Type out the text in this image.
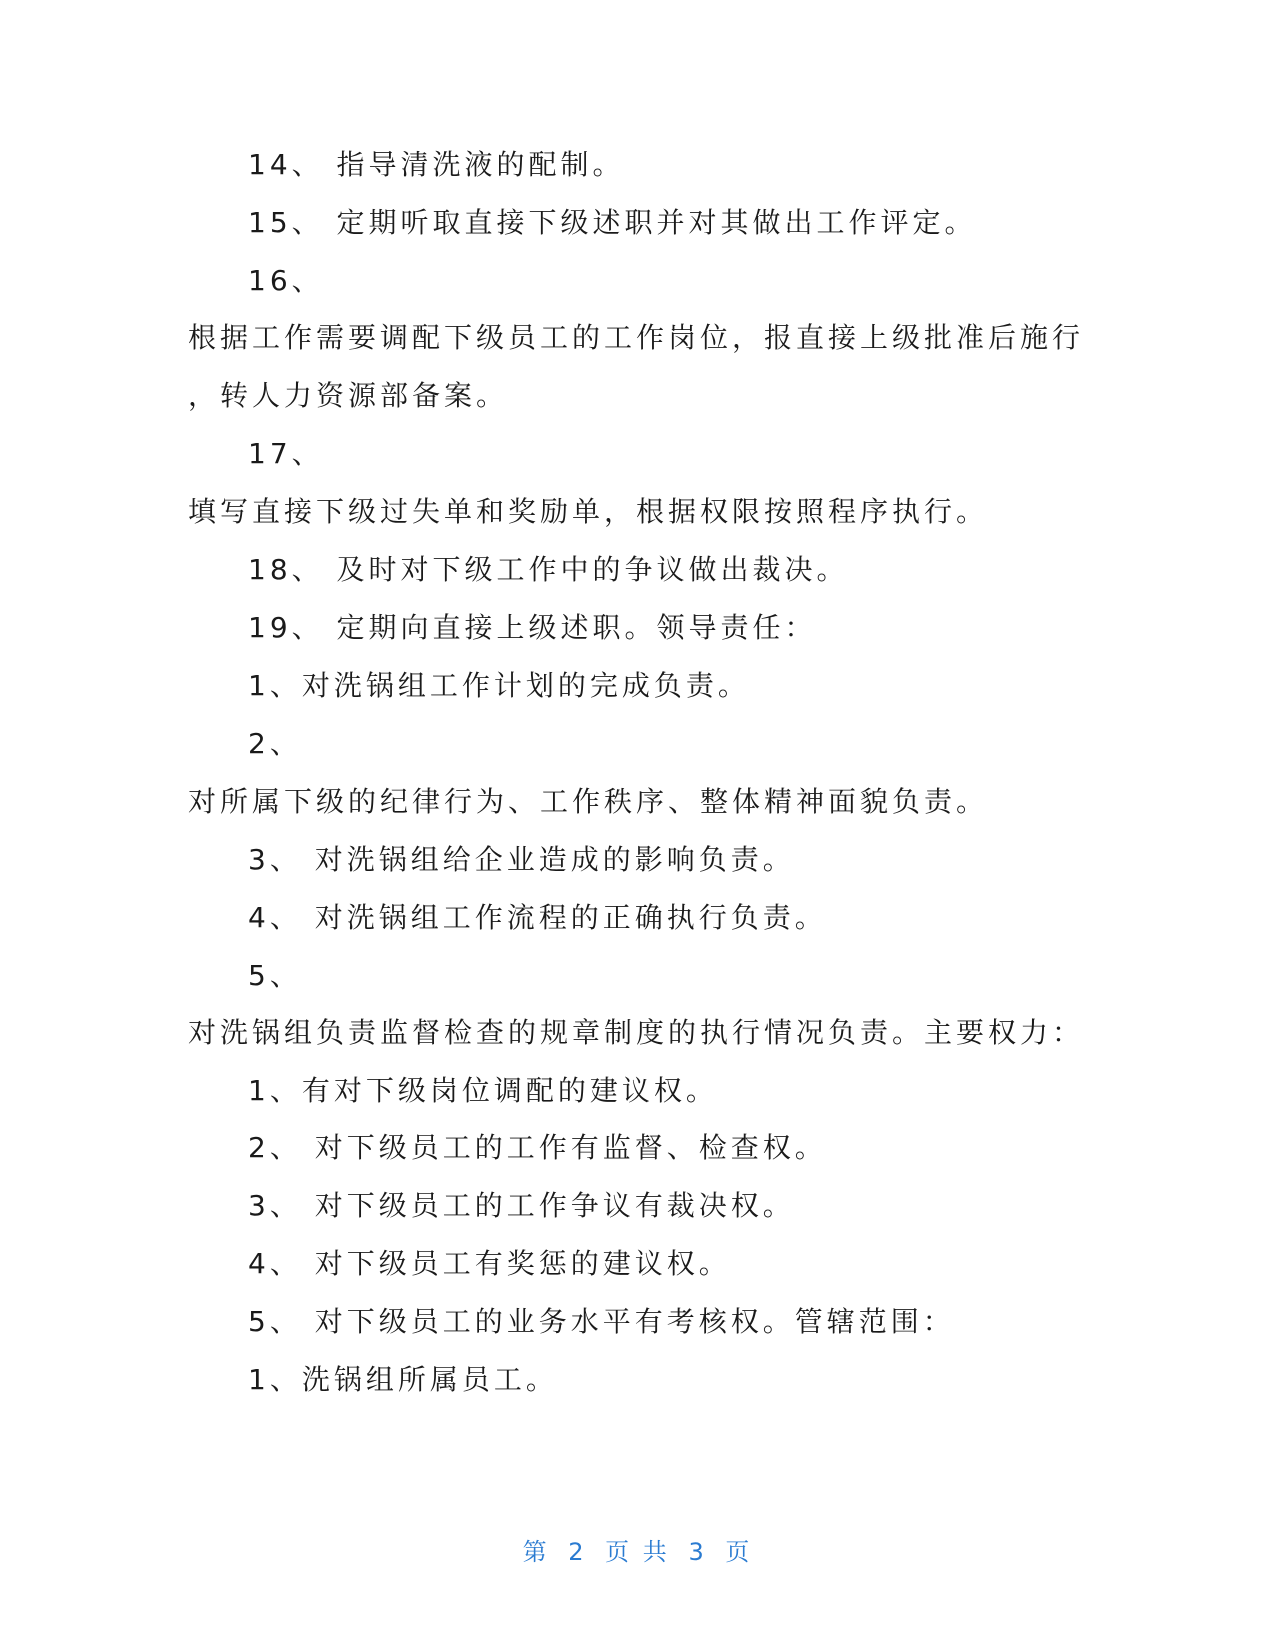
14、 指导清洗液的配制。
15、 定期听取直接下级述职并对其做出工作评定。
16、
根据工作需要调配下级员工的工作岗位，报直接上级批准后施行
，转人力资源部备案。
17、
填写直接下级过失单和奖励单，根据权限按照程序执行。
18、 及时对下级工作中的争议做出裁决。
19、 定期向直接上级述职。领导责任：
1、对洗锅组工作计划的完成负责。
2、
对所属下级的纪律行为、工作秩序、整体精神面貌负责。
3、 对洗锅组给企业造成的影响负责。
4、 对洗锅组工作流程的正确执行负责。
5、
对洗锅组负责监督检查的规章制度的执行情况负责。主要权力：
1、有对下级岗位调配的建议权。
2、 对下级员工的工作有监督、检查权。
3、 对下级员工的工作争议有裁决权。
4、 对下级员工有奖惩的建议权。
5、 对下级员工的业务水平有考核权。管辖范围：
1、洗锅组所属员工。
第 2 页 共 3 页
